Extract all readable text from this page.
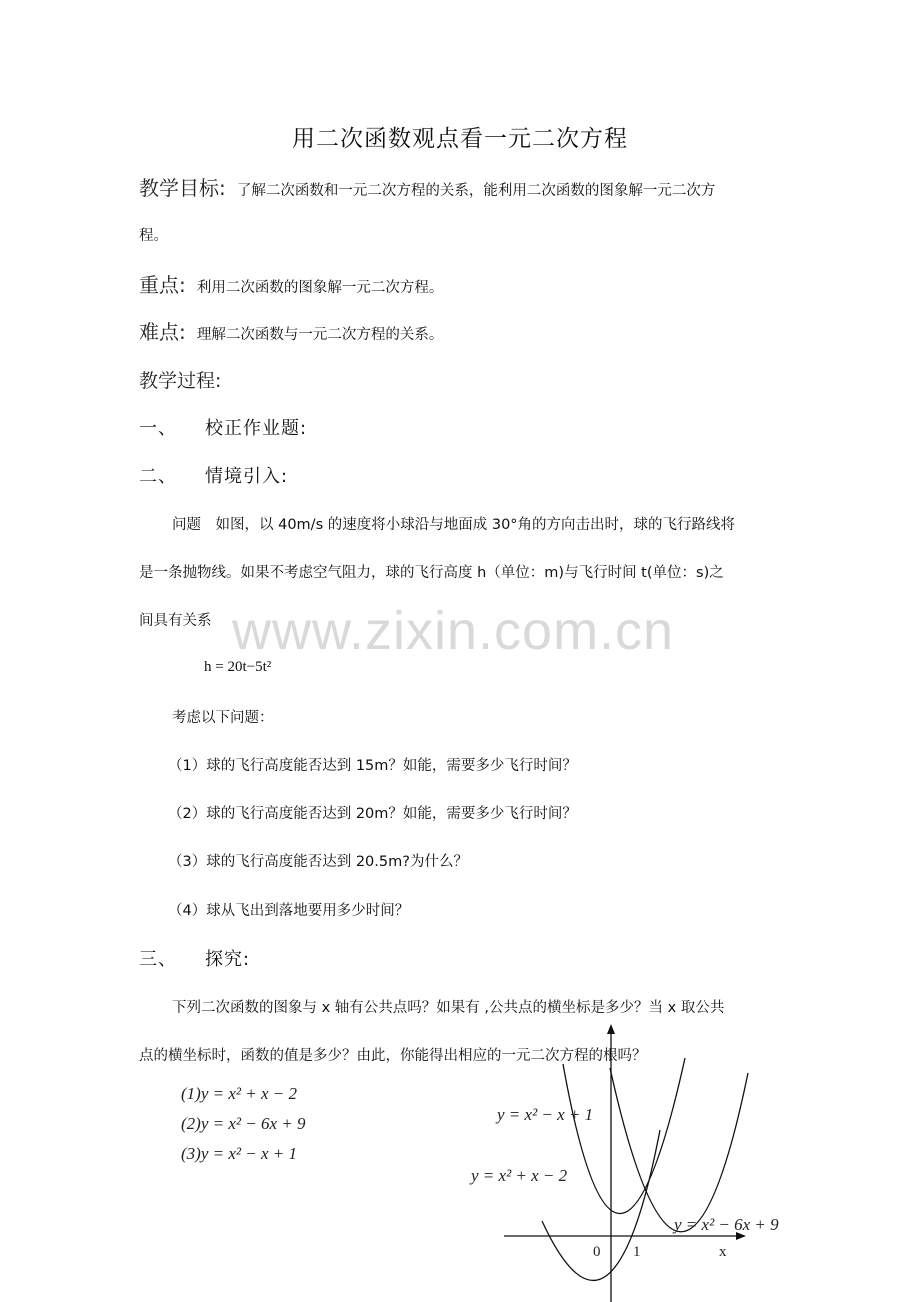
用二次函数观点看一元二次方程
教学目标: 了解二次函数和一元二次方程的关系，能利用二次函数的图象解一元二次方
程。
重点: 利用二次函数的图象解一元二次方程。
难点: 理解二次函数与一元二次方程的关系。
教学过程:
一、 校正作业题:
二、 情境引入:
问题　如图，以 40m/s 的速度将小球沿与地面成 30°角的方向击出时，球的飞行路线将
是一条抛物线。如果不考虑空气阻力，球的飞行高度 h（单位：m)与飞行时间 t(单位：s)之
间具有关系
h = 20t−5t²
考虑以下问题：
（1）球的飞行高度能否达到 15m？如能，需要多少飞行时间？
（2）球的飞行高度能否达到 20m？如能，需要多少飞行时间？
（3）球的飞行高度能否达到 20.5m?为什么？
（4）球从飞出到落地要用多少时间？
三、 探究:
下列二次函数的图象与 x 轴有公共点吗？如果有 ,公共点的横坐标是多少？当 x 取公共
点的横坐标时，函数的值是多少？由此，你能得出相应的一元二次方程的根吗？
(1)y = x² + x − 2
(2)y = x² − 6x + 9
(3)y = x² − x + 1
y = x² − x + 1
y = x² + x − 2
y = x² − 6x + 9
0 1	x
www.zixin.com.cn
